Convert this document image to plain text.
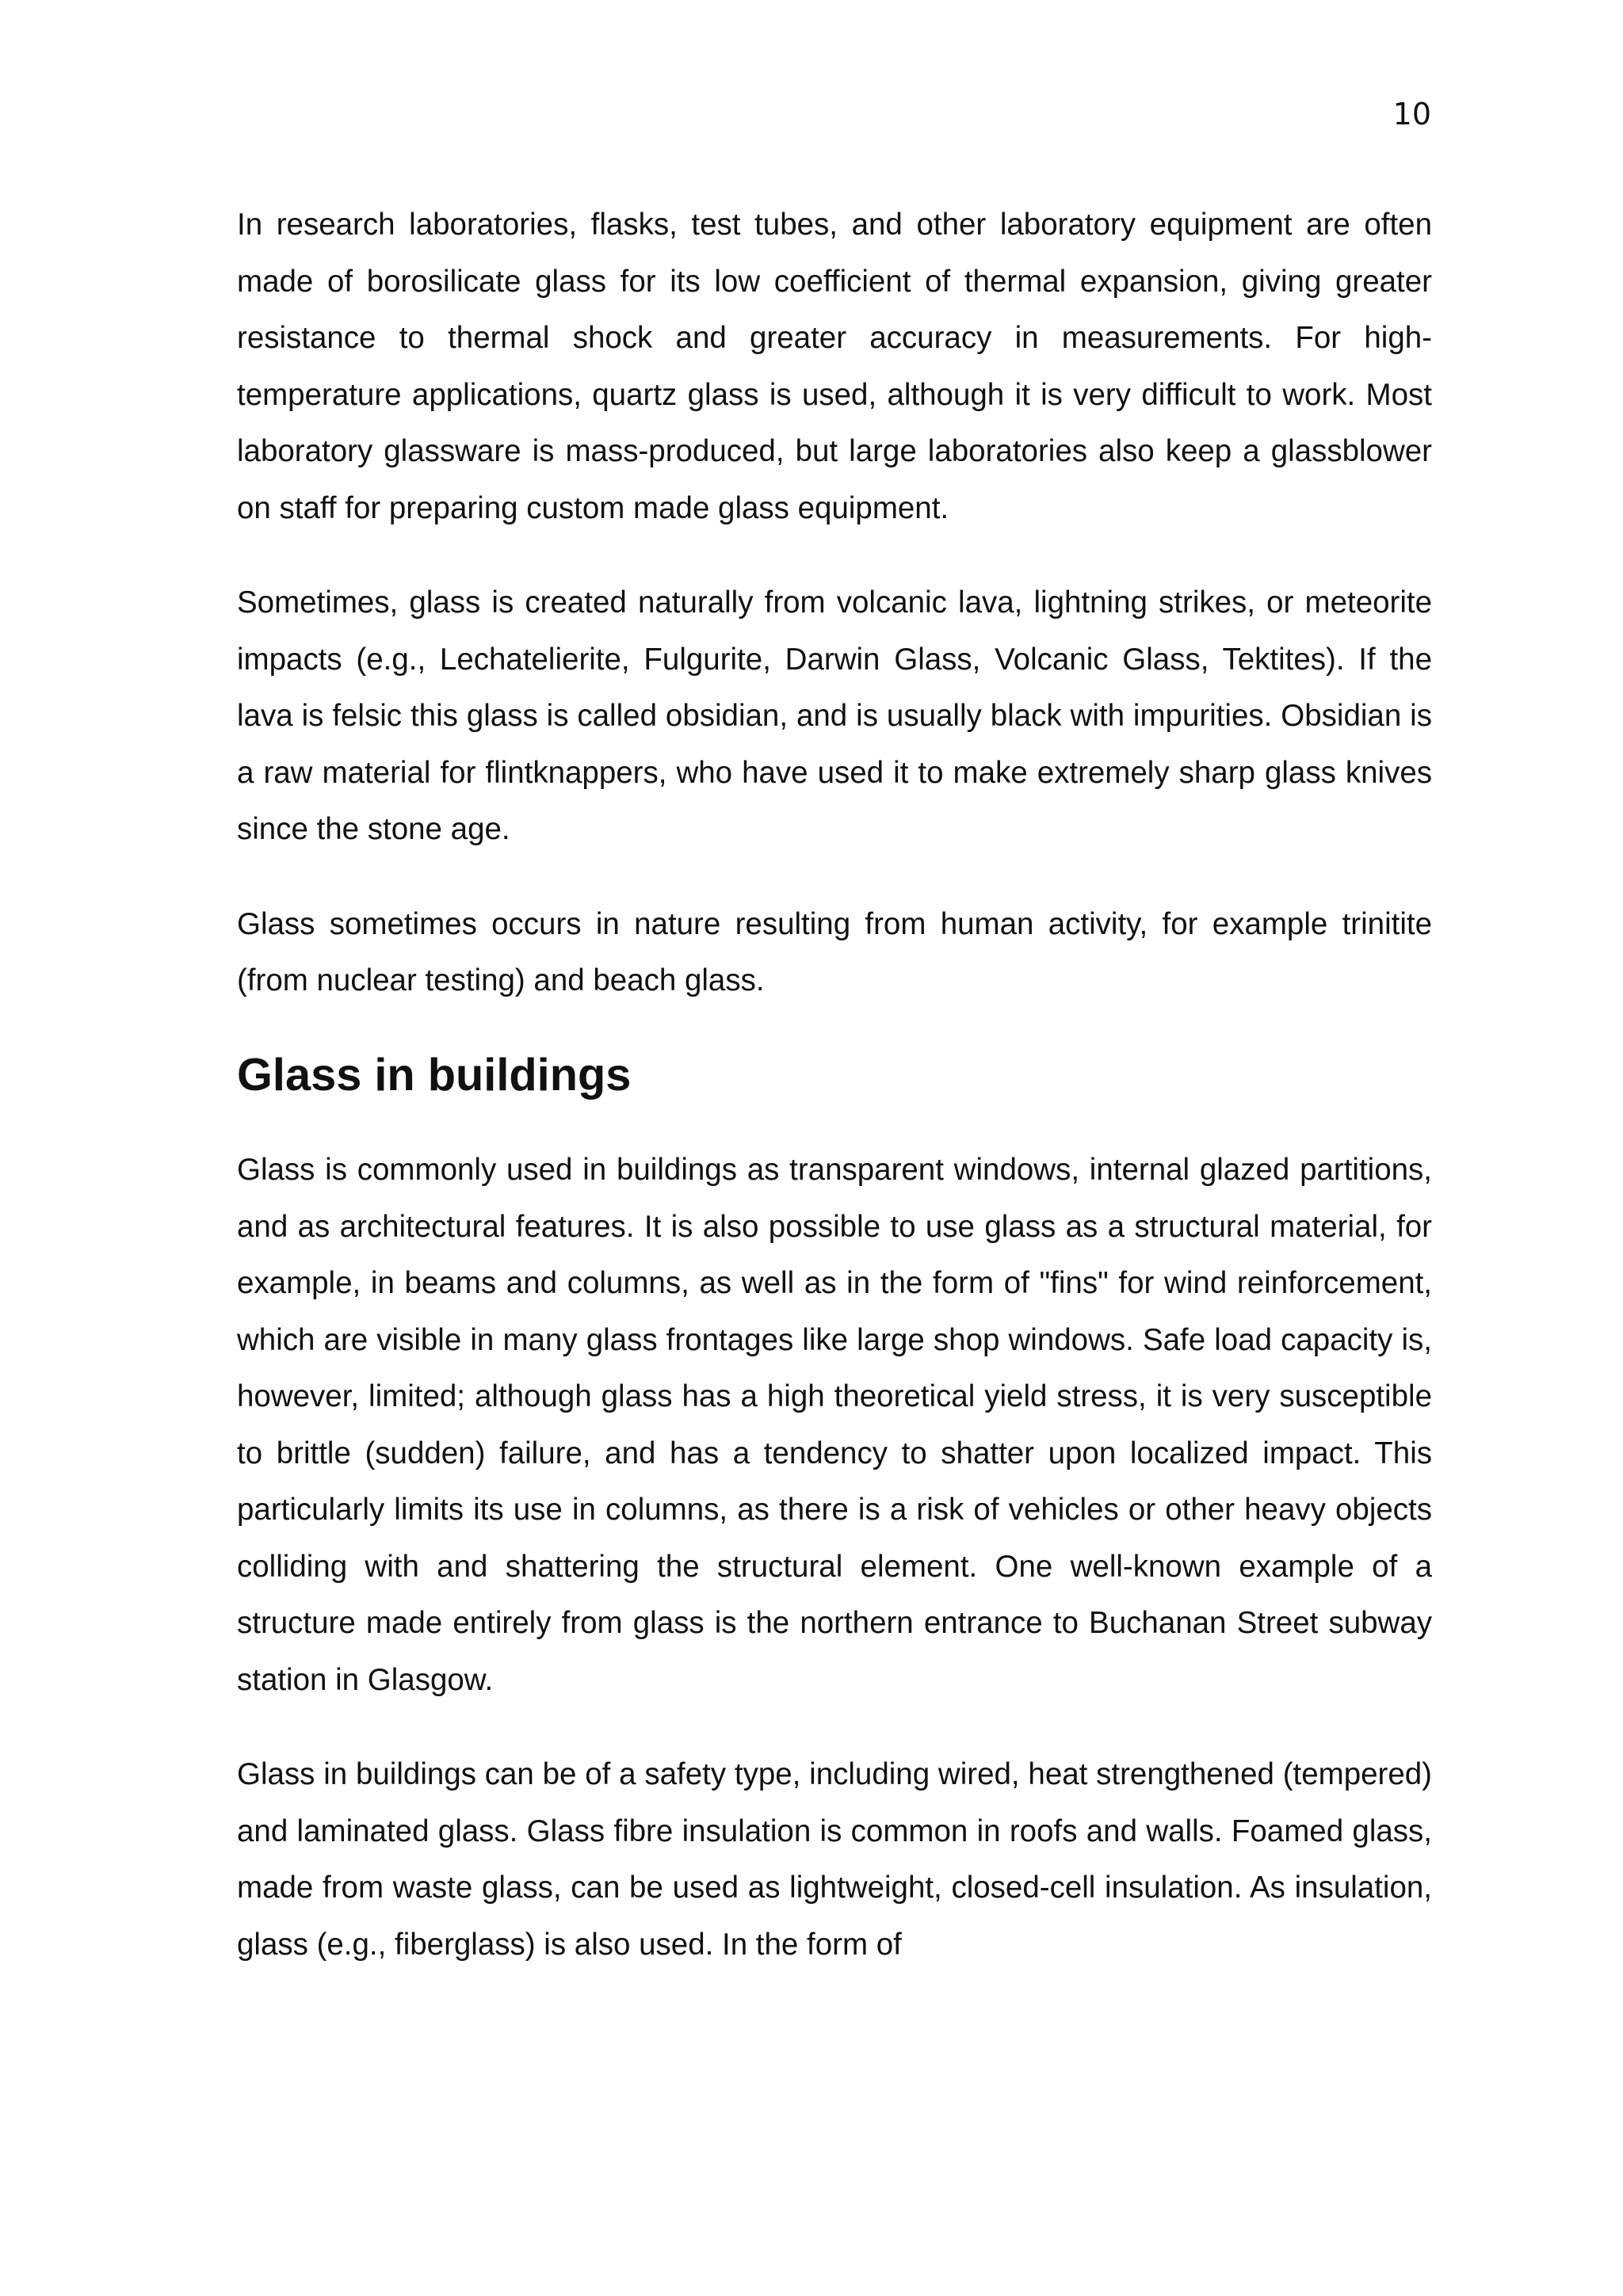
10

In research laboratories, flasks, test tubes, and other laboratory equipment are often made of borosilicate glass for its low coefficient of thermal expansion, giving greater resistance to thermal shock and greater accuracy in measurements. For high-temperature applications, quartz glass is used, although it is very difficult to work. Most laboratory glassware is mass-produced, but large laboratories also keep a glassblower on staff for preparing custom made glass equipment.

Sometimes, glass is created naturally from volcanic lava, lightning strikes, or meteorite impacts (e.g., Lechatelierite, Fulgurite, Darwin Glass, Volcanic Glass, Tektites). If the lava is felsic this glass is called obsidian, and is usually black with impurities. Obsidian is a raw material for flintknappers, who have used it to make extremely sharp glass knives since the stone age.

Glass sometimes occurs in nature resulting from human activity, for example trinitite (from nuclear testing) and beach glass.

Glass in buildings

Glass is commonly used in buildings as transparent windows, internal glazed partitions, and as architectural features. It is also possible to use glass as a structural material, for example, in beams and columns, as well as in the form of "fins" for wind reinforcement, which are visible in many glass frontages like large shop windows. Safe load capacity is, however, limited; although glass has a high theoretical yield stress, it is very susceptible to brittle (sudden) failure, and has a tendency to shatter upon localized impact. This particularly limits its use in columns, as there is a risk of vehicles or other heavy objects colliding with and shattering the structural element. One well-known example of a structure made entirely from glass is the northern entrance to Buchanan Street subway station in Glasgow.

Glass in buildings can be of a safety type, including wired, heat strengthened (tempered) and laminated glass. Glass fibre insulation is common in roofs and walls. Foamed glass, made from waste glass, can be used as lightweight, closed-cell insulation. As insulation, glass (e.g., fiberglass) is also used. In the form of
